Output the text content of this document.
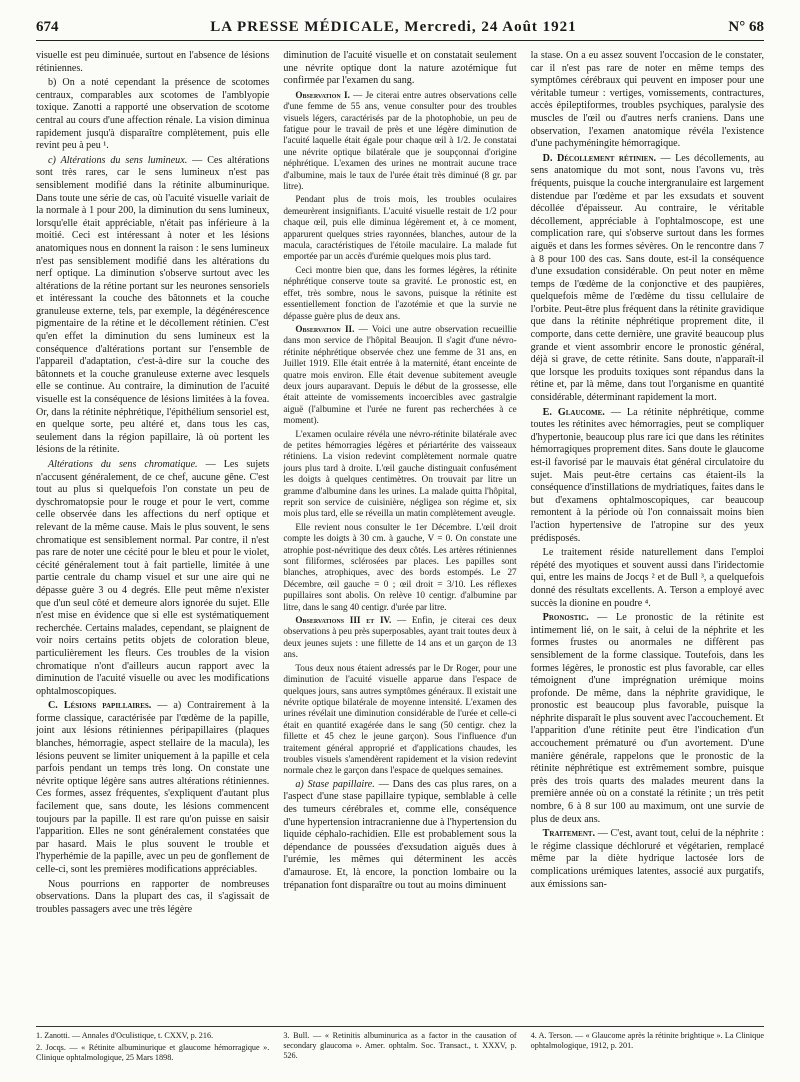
674	LA PRESSE MÉDICALE, Mercredi, 24 Août 1921	N° 68

visuelle est peu diminuée, surtout en l'absence de lésions rétiniennes.

b) On a noté cependant la présence de scotomes centraux, comparables aux scotomes de l'amblyopie toxique. Zanotti a rapporté une observation de scotome central au cours d'une affection rénale. La vision diminua rapidement jusqu'à disparaître complètement, puis elle revint peu à peu ¹.

c) Altérations du sens lumineux. — Ces altérations sont très rares, car le sens lumineux n'est pas sensiblement modifié dans la rétinite albuminurique. Dans toute une série de cas, où l'acuité visuelle variait de la normale à 1 pour 200, la diminution du sens lumineux, lorsqu'elle était appréciable, n'était pas inférieure à la moitié. Ceci est intéressant à noter et les lésions anatomiques nous en donnent la raison : le sens lumineux n'est pas sensiblement modifié dans les altérations du nerf optique. La diminution s'observe surtout avec les altérations de la rétine portant sur les neurones sensoriels et intéressant la couche des bâtonnets et la couche granuleuse externe, tels, par exemple, la dégénérescence pigmentaire de la rétine et le décollement rétinien. C'est qu'en effet la diminution du sens lumineux est la conséquence d'altérations portant sur l'ensemble de l'appareil d'adaptation, c'est-à-dire sur la couche des bâtonnets et la couche granuleuse externe avec lesquels elle se continue. Au contraire, la diminution de l'acuité visuelle est la conséquence de lésions limitées à la fovea. Or, dans la rétinite néphrétique, l'épithélium sensoriel est, en quelque sorte, peu altéré et, dans tous les cas, seulement dans la région papillaire, là où portent les lésions de la rétinite.

Altérations du sens chromatique. — Les sujets n'accusent généralement, de ce chef, aucune gêne. C'est tout au plus si quelquefois l'on constate un peu de dyschromatopsie pour le rouge et pour le vert, comme celle observée dans les affections du nerf optique et relevant de la même cause. Mais le plus souvent, le sens chromatique est sensiblement normal. Par contre, il n'est pas rare de noter une cécité pour le bleu et pour le violet, cécité généralement tout à fait partielle, limitée à une partie centrale du champ visuel et sur une aire qui ne dépasse guère 3 ou 4 degrés. Elle peut même n'exister que d'un seul côté et demeure alors ignorée du sujet. Elle n'est mise en évidence que si elle est systématiquement recherchée. Certains malades, cependant, se plaignent de voir noirs certains petits objets de coloration bleue, particulièrement les fleurs. Ces troubles de la vision chromatique n'ont d'ailleurs aucun rapport avec la diminution de l'acuité visuelle ou avec les modifications ophtalmoscopiques.

C. Lésions papillaires. — a) Contrairement à la forme classique, caractérisée par l'œdème de la papille, joint aux lésions rétiniennes péripapillaires (plaques blanches, hémorragie, aspect stellaire de la macula), les lésions peuvent se limiter uniquement à la papille et cela parfois pendant un temps très long. On constate une névrite optique légère sans autres altérations rétiniennes. Ces formes, assez fréquentes, s'expliquent d'autant plus facilement que, sans doute, les lésions commencent toujours par la papille. Il est rare qu'on puisse en saisir l'apparition. Elles ne sont généralement constatées que par hasard. Mais le plus souvent le trouble et l'hyperhémie de la papille, avec un peu de gonflement de celle-ci, sont les premières modifications appréciables.

Nous pourrions en rapporter de nombreuses observations. Dans la plupart des cas, il s'agissait de troubles passagers avec une très légère

diminution de l'acuité visuelle et on constatait seulement une névrite optique dont la nature azotémique fut confirmée par l'examen du sang.

Observation I. — Je citerai entre autres observations celle d'une femme de 55 ans, venue consulter pour des troubles visuels légers, caractérisés par de la photophobie, un peu de fatigue pour le travail de près et une légère diminution de l'acuité laquelle était égale pour chaque œil à 1/2. Je constatai une névrite optique bilatérale que je soupçonnai d'origine néphrétique. L'examen des urines ne montrait aucune trace d'albumine, mais le taux de l'urée était très diminué (8 gr. par litre).

Pendant plus de trois mois, les troubles oculaires demeurèrent insignifiants. L'acuité visuelle restait de 1/2 pour chaque œil, puis elle diminua légèrement et, à ce moment, apparurent quelques stries rayonnées, blanches, autour de la macula, caractéristiques de l'étoile maculaire. La malade fut emportée par un accès d'urémie quelques mois plus tard.

Ceci montre bien que, dans les formes légères, la rétinite néphrétique conserve toute sa gravité. Le pronostic est, en effet, très sombre, nous le savons, puisque la rétinite est essentiellement fonction de l'azotémie et que la survie ne dépasse guère plus de deux ans.

Observation II. — Voici une autre observation recueillie dans mon service de l'hôpital Beaujon. Il s'agit d'une névro-rétinite néphrétique observée chez une femme de 31 ans, en Juillet 1919. Elle était entrée à la maternité, étant enceinte de quatre mois environ. Elle était devenue subitement aveugle deux jours auparavant. Depuis le début de la grossesse, elle était atteinte de vomissements incoercibles avec gastralgie aiguë (l'albumine et l'urée ne furent pas recherchées à ce moment).

L'examen oculaire révéla une névro-rétinite bilatérale avec de petites hémorragies légères et périartérite des vaisseaux rétiniens. La vision redevint complètement normale quatre jours plus tard à droite. L'œil gauche distinguait confusément les doigts à quelques centimètres. On trouvait par litre un gramme d'albumine dans les urines. La malade quitta l'hôpital, reprit son service de cuisinière, négligea son régime et, six mois plus tard, elle se réveilla un matin complètement aveugle.

Elle revient nous consulter le 1er Décembre. L'œil droit compte les doigts à 30 cm. à gauche, V = 0. On constate une atrophie post-névritique des deux côtés. Les artères rétiniennes sont filiformes, sclérosées par places. Les papilles sont blanches, atrophiques, avec des bords estompés. Le 27 Décembre, œil gauche = 0 ; œil droit = 3/10. Les réflexes pupillaires sont abolis. On relève 10 centigr. d'albumine par litre, dans le sang 40 centigr. d'urée par litre.

Observations III et IV. — Enfin, je citerai ces deux observations à peu près superposables, ayant trait toutes deux à deux jeunes sujets : une fillette de 14 ans et un garçon de 13 ans.

Tous deux nous étaient adressés par le Dr Roger, pour une diminution de l'acuité visuelle apparue dans l'espace de quelques jours, sans autres symptômes généraux. Il existait une névrite optique bilatérale de moyenne intensité. L'examen des urines révélait une diminution considérable de l'urée et celle-ci était en quantité exagérée dans le sang (50 centigr. chez la fillette et 45 chez le jeune garçon). Sous l'influence d'un traitement général approprié et d'applications chaudes, les troubles visuels s'amendèrent rapidement et la vision redevint normale chez le garçon dans l'espace de quelques semaines.

a) Stase papillaire. — Dans des cas plus rares, on a l'aspect d'une stase papillaire typique, semblable à celle des tumeurs cérébrales et, comme elle, conséquence d'une hypertension intracranienne due à l'hypertension du liquide céphalo-rachidien. Elle est probablement sous la dépendance de poussées d'exsudation aiguës dues à l'urémie, les mêmes qui déterminent les accès d'amaurose. Et, là encore, la ponction lombaire ou la trépanation font disparaître ou tout au moins diminuent

la stase. On a eu assez souvent l'occasion de le constater, car il n'est pas rare de noter en même temps des symptômes cérébraux qui peuvent en imposer pour une véritable tumeur : vertiges, vomissements, contractures, accès épileptiformes, troubles psychiques, paralysie des muscles de l'œil ou d'autres nerfs craniens. Dans une observation, l'examen anatomique révéla l'existence d'une pachyméningite hémorragique.

D. Décollement rétinien. — Les décollements, au sens anatomique du mot sont, nous l'avons vu, très fréquents, puisque la couche intergranulaire est largement distendue par l'œdème et par les exsudats et souvent décollée d'épaisseur. Au contraire, le véritable décollement, appréciable à l'ophtalmoscope, est une complication rare, qui s'observe surtout dans les formes aiguës et dans les formes sévères. On le rencontre dans 7 à 8 pour 100 des cas. Sans doute, est-il la conséquence d'une exsudation considérable. On peut noter en même temps de l'œdème de la conjonctive et des paupières, quelquefois même de l'œdème du tissu cellulaire de l'orbite. Peut-être plus fréquent dans la rétinite gravidique que dans la rétinite néphrétique proprement dite, il comporte, dans cette dernière, une gravité beaucoup plus grande et vient assombrir encore le pronostic général, déjà si grave, de cette rétinite. Sans doute, n'apparaît-il que lorsque les produits toxiques sont répandus dans la rétine et, par là même, dans tout l'organisme en quantité considérable, déterminant rapidement la mort.

E. Glaucome. — La rétinite néphrétique, comme toutes les rétinites avec hémorragies, peut se compliquer d'hypertonie, beaucoup plus rare ici que dans les rétinites hémorragiques proprement dites. Sans doute le glaucome est-il favorisé par le mauvais état général circulatoire du sujet. Mais peut-être certains cas étaient-ils la conséquence d'instillations de mydriatiques, faites dans le but d'examens ophtalmoscopiques, car beaucoup remontent à la période où l'on connaissait moins bien l'action hypertensive de l'atropine sur des yeux prédisposés.

Le traitement réside naturellement dans l'emploi répété des myotiques et souvent aussi dans l'iridectomie qui, entre les mains de Jocqs ² et de Bull ³, a quelquefois donné des résultats excellents. A. Terson a employé avec succès la dionine en poudre ⁴.

Pronostic. — Le pronostic de la rétinite est intimement lié, on le sait, à celui de la néphrite et les formes frustes ou anormales ne diffèrent pas sensiblement de la forme classique. Toutefois, dans les formes légères, le pronostic est plus favorable, car elles témoignent d'une imprégnation urémique moins profonde. De même, dans la néphrite gravidique, le pronostic est beaucoup plus favorable, puisque la néphrite disparaît le plus souvent avec l'accouchement. Et l'apparition d'une rétinite peut être l'indication d'un accouchement prématuré ou d'un avortement. D'une manière générale, rappelons que le pronostic de la rétinite néphrétique est extrêmement sombre, puisque près des trois quarts des malades meurent dans la première année où on a constaté la rétinite ; un très petit nombre, 6 à 8 sur 100 au maximum, ont une survie de plus de deux ans.

Traitement. — C'est, avant tout, celui de la néphrite : le régime classique déchloruré et végétarien, remplacé même par la diète hydrique lactosée lors de complications urémiques latentes, associé aux purgatifs, aux émissions san-

1. Zanotti. — Annales d'Oculistique, t. CXXV, p. 216.

2. Jocqs. — « Rétinite albuminurique et glaucome hémorragique ». Clinique ophtalmologique, 25 Mars 1898.

3. Bull. — « Retinitis albuminurica as a factor in the causation of secondary glaucoma ». Amer. ophtalm. Soc. Transact., t. XXXV, p. 526.

4. A. Terson. — « Glaucome après la rétinite brightique ». La Clinique ophtalmologique, 1912, p. 201.
